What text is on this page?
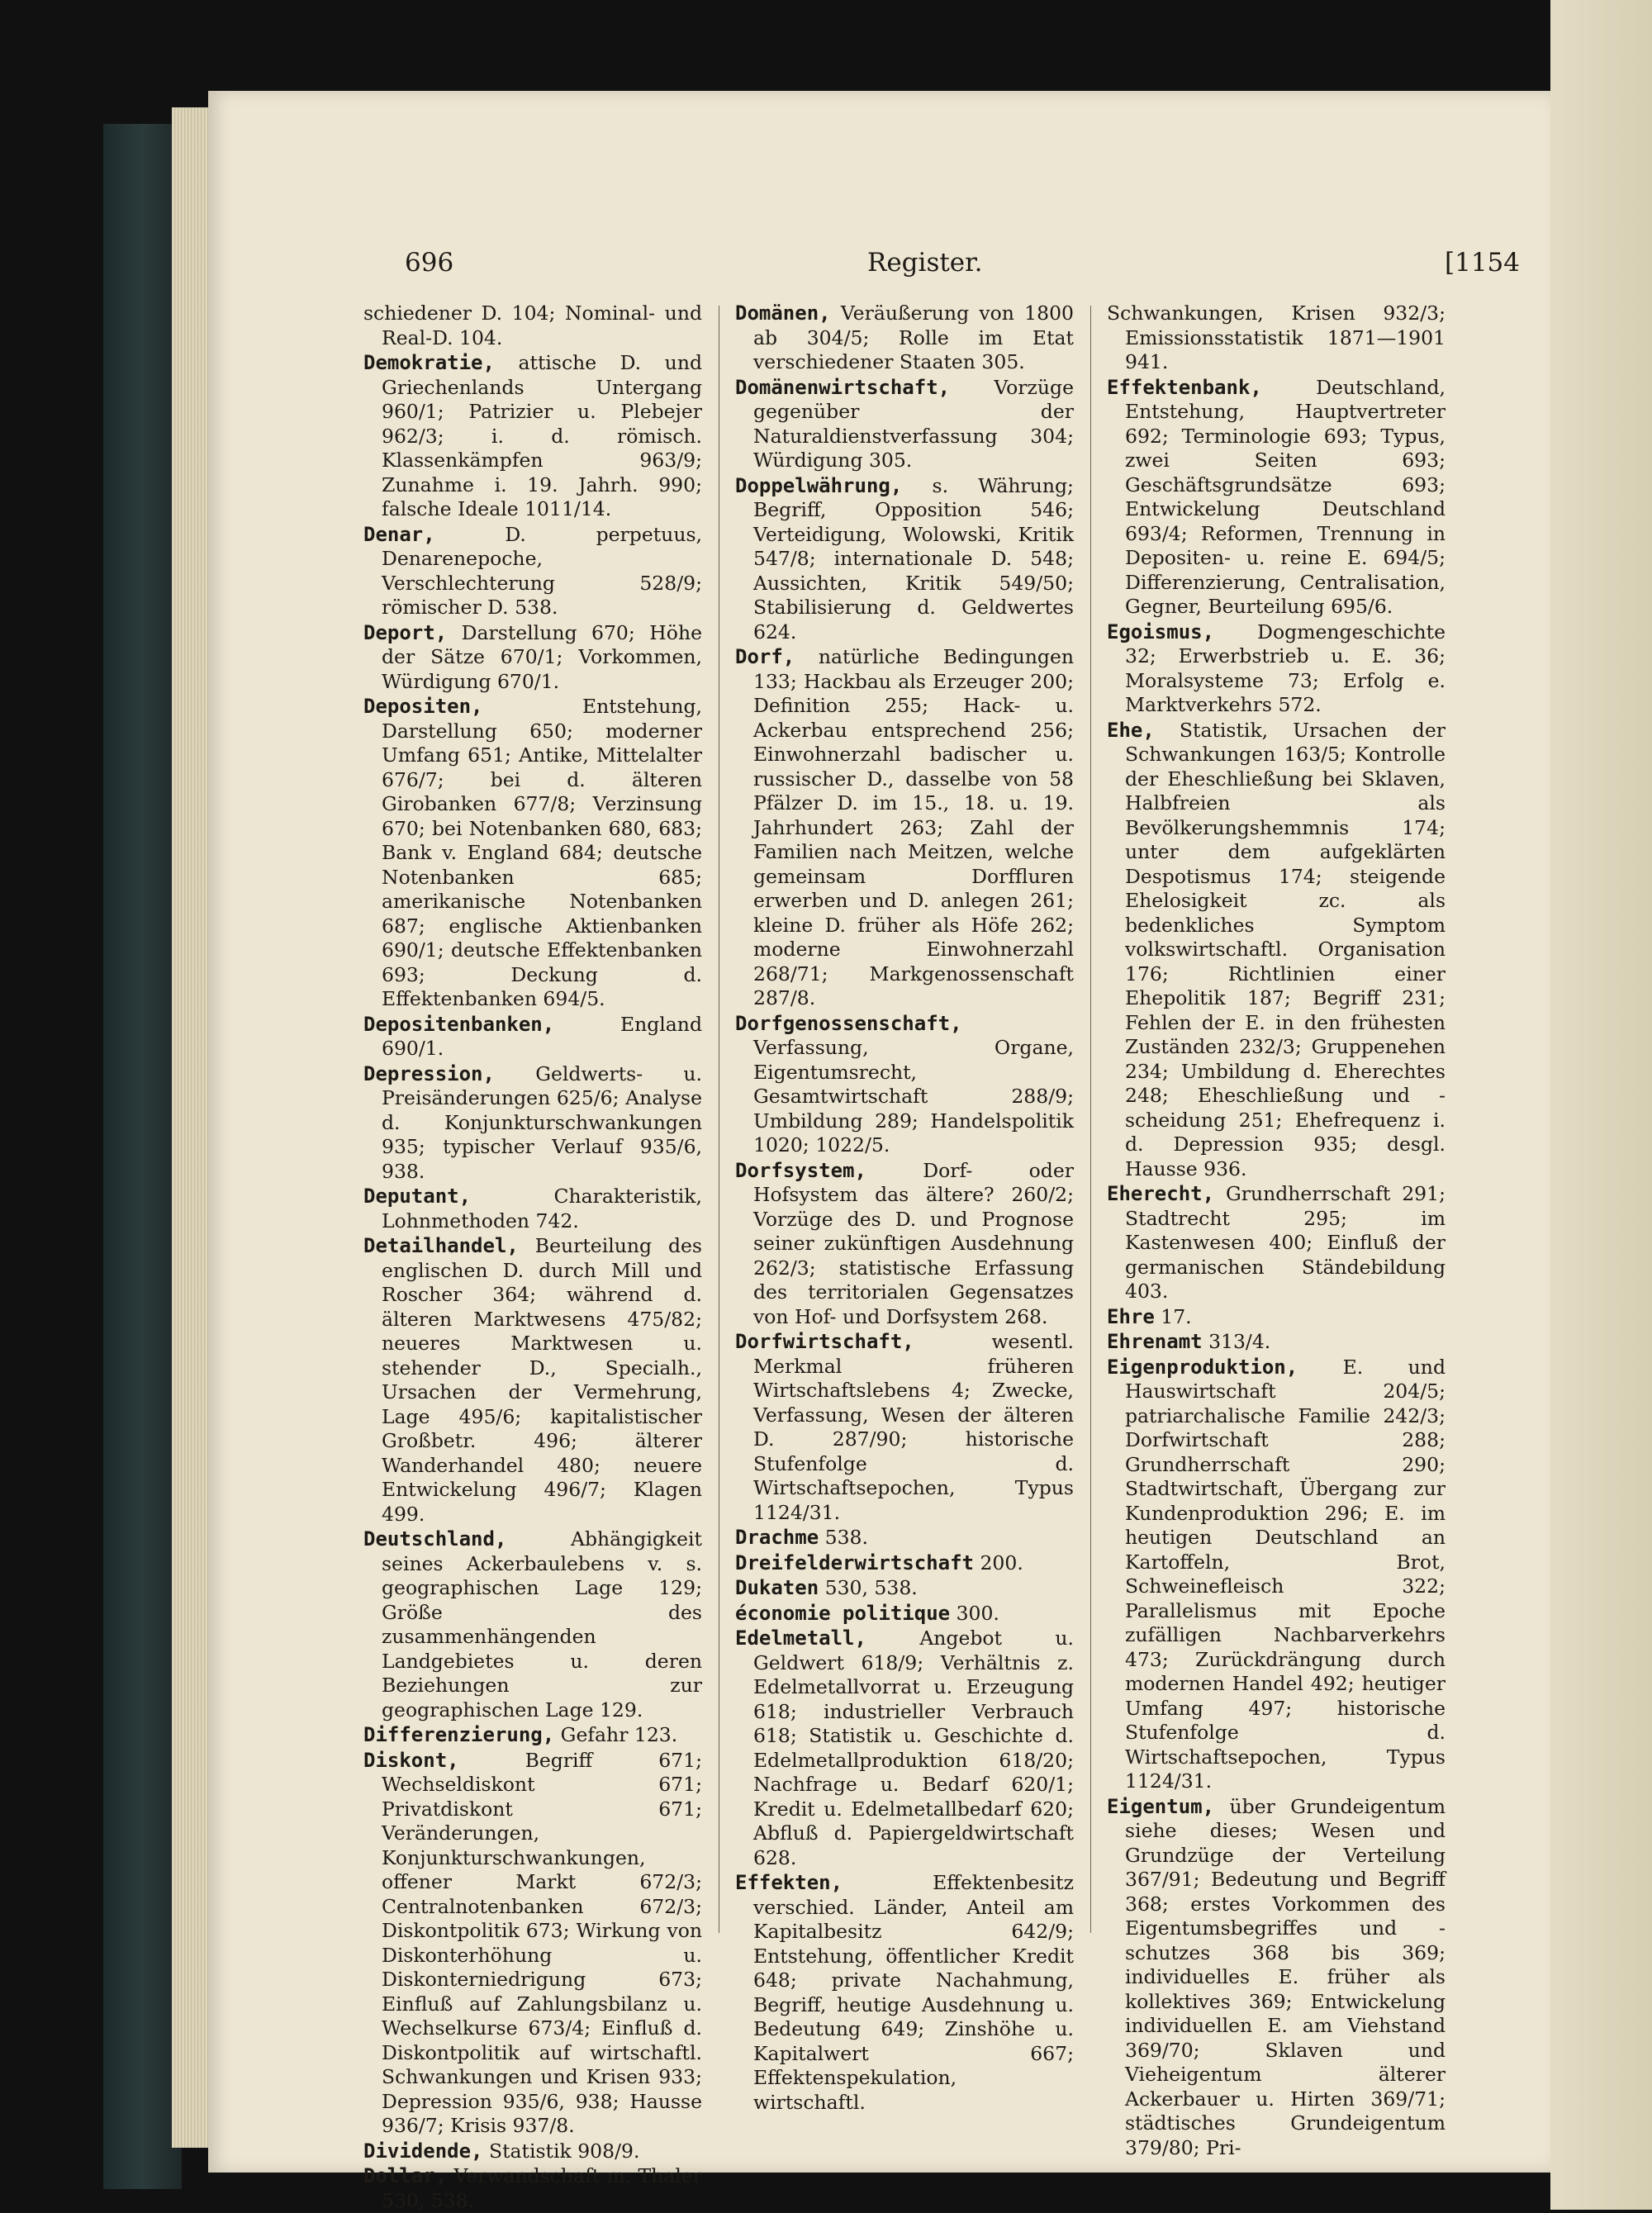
696	Register.	[1154

schiedener D. 104; Nominal- und Real-D. 104.

Demokratie, attische D. und Griechenlands Untergang 960/1; Patrizier u. Plebejer 962/3; i. d. römisch. Klassenkämpfen 963/9; Zunahme i. 19. Jahrh. 990; falsche Ideale 1011/14.

Denar,	D. perpetuus, Denarenepoche, Verschlechterung 528/9; römischer D. 538.

Deport, Darstellung 670; Höhe der Sätze 670/1; Vorkommen, Würdigung 670/1.

Depositen,	Entstehung, Darstellung 650; moderner Umfang 651; Antike, Mittelalter 676/7; bei d. älteren Girobanken 677/8; Verzinsung 670; bei Notenbanken 680, 683; Bank v. England 684; deutsche Notenbanken 685; amerikanische Notenbanken 687; englische Aktienbanken 690/1; deutsche Effektenbanken 693; Deckung d. Effektenbanken 694/5.

Depositenbanken,	England 690/1.

Depression, Geldwerts- u. Preisänderungen 625/6; Analyse d. Konjunkturschwankungen 935; typischer Verlauf 935/6, 938.

Deputant,	Charakteristik, Lohnmethoden 742.

Detailhandel, Beurteilung des englischen D. durch Mill und Roscher 364; während d. älteren Marktwesens 475/82; neueres Marktwesen u. stehender D., Specialh., Ursachen der Vermehrung, Lage 495/6; kapitalistischer Großbetr. 496; älterer Wanderhandel 480; neuere Entwickelung 496/7; Klagen 499.

Deutschland,	Abhängigkeit seines Ackerbaulebens v. s. geographischen Lage 129; Größe des zusammenhängenden Landgebietes u. deren Beziehungen zur geographischen Lage 129.

Differenzierung, Gefahr 123.

Diskont,	Begriff 671; Wechseldiskont 671; Privatdiskont 671; Veränderungen, Konjunkturschwankungen, offener Markt 672/3; Centralnotenbanken 672/3; Diskontpolitik 673; Wirkung von Diskonterhöhung u. Diskonterniedrigung 673; Einfluß auf Zahlungsbilanz u. Wechselkurse 673/4; Einfluß d. Diskontpolitik auf wirtschaftl. Schwankungen und Krisen 933; Depression 935/6, 938; Hausse 936/7; Krisis 937/8.

Dividende, Statistik 908/9.

Dollar, Verwandschaft m. Thaler 530, 538.

Domänen, Veräußerung von 1800 ab 304/5; Rolle im Etat verschiedener Staaten 305.

Domänenwirtschaft, Vorzüge gegenüber der Naturaldienstverfassung 304; Würdigung 305.

Doppelwährung, s. Währung; Begriff, Opposition 546; Verteidigung, Wolowski, Kritik 547/8; internationale D. 548; Aussichten, Kritik 549/50; Stabilisierung d. Geldwertes 624.

Dorf, natürliche Bedingungen 133; Hackbau als Erzeuger 200; Definition 255; Hack- u. Ackerbau entsprechend 256; Einwohnerzahl badischer u. russischer D., dasselbe von 58 Pfälzer D. im 15., 18. u. 19. Jahrhundert 263; Zahl der Familien nach Meitzen, welche gemeinsam Dorffluren erwerben und D. anlegen 261; kleine D. früher als Höfe 262; moderne Einwohnerzahl 268/71; Markgenossenschaft 287/8.

Dorfgenossenschaft, Verfassung, Organe, Eigentumsrecht, Gesamtwirtschaft 288/9; Umbildung 289; Handelspolitik 1020; 1022/5.

Dorfsystem,	Dorf- oder Hofsystem das ältere? 260/2; Vorzüge des D. und Prognose seiner zukünftigen Ausdehnung 262/3; statistische Erfassung des territorialen Gegensatzes von Hof- und Dorfsystem 268.

Dorfwirtschaft,	wesentl. Merkmal früheren Wirtschaftslebens 4; Zwecke, Verfassung, Wesen der älteren D. 287/90; historische Stufenfolge d. Wirtschaftsepochen, Typus 1124/31.

Drachme 538.

Dreifelderwirtschaft 200.

Dukaten 530, 538.

économie politique 300.

Edelmetall,	Angebot u. Geldwert 618/9; Verhältnis z. Edelmetallvorrat u. Erzeugung 618; industrieller Verbrauch 618; Statistik u. Geschichte d. Edelmetallproduktion 618/20; Nachfrage u. Bedarf 620/1; Kredit u. Edelmetallbedarf 620; Abfluß d. Papiergeldwirtschaft 628.

Effekten,	Effektenbesitz verschied. Länder, Anteil am Kapitalbesitz 642/9; Entstehung, öffentlicher Kredit 648; private Nachahmung, Begriff, heutige Ausdehnung u. Bedeutung 649; Zinshöhe u. Kapitalwert 667; Effektenspekulation, wirtschaftl.

Schwankungen, Krisen 932/3; Emissionsstatistik 1871—1901 941.

Effektenbank,	Deutschland, Entstehung, Hauptvertreter 692; Terminologie 693; Typus, zwei Seiten 693; Geschäftsgrundsätze 693; Entwickelung Deutschland 693/4; Reformen, Trennung in Depositen- u. reine E. 694/5; Differenzierung, Centralisation, Gegner, Beurteilung 695/6.

Egoismus, Dogmengeschichte 32; Erwerbstrieb u. E. 36; Moralsysteme 73; Erfolg e. Marktverkehrs 572.

Ehe, Statistik, Ursachen der Schwankungen 163/5; Kontrolle der Eheschließung bei Sklaven, Halbfreien als Bevölkerungshemmnis 174; unter dem aufgeklärten Despotismus 174; steigende Ehelosigkeit zc. als bedenkliches Symptom volkswirtschaftl. Organisation 176; Richtlinien einer Ehepolitik 187; Begriff 231; Fehlen der E. in den frühesten Zuständen 232/3; Gruppenehen 234; Umbildung d. Eherechtes 248; Eheschließung und -scheidung 251; Ehefrequenz i. d. Depression 935; desgl. Hausse 936.

Eherecht, Grundherrschaft 291; Stadtrecht 295; im Kastenwesen 400; Einfluß der germanischen Ständebildung 403.

Ehre 17.

Ehrenamt 313/4.

Eigenproduktion, E. und Hauswirtschaft 204/5; patriarchalische Familie 242/3; Dorfwirtschaft 288; Grundherrschaft 290; Stadtwirtschaft, Übergang zur Kundenproduktion 296; E. im heutigen Deutschland an Kartoffeln, Brot, Schweinefleisch 322; Parallelismus mit Epoche zufälligen Nachbarverkehrs 473; Zurückdrängung durch modernen Handel 492; heutiger Umfang 497; historische Stufenfolge d. Wirtschaftsepochen, Typus 1124/31.

Eigentum, über Grundeigentum siehe dieses; Wesen und Grundzüge der Verteilung 367/91; Bedeutung und Begriff 368; erstes Vorkommen des Eigentumsbegriffes und -schutzes 368 bis 369; individuelles E. früher als kollektives 369; Entwickelung individuellen E. am Viehstand 369/70; Sklaven und Vieheigentum älterer Ackerbauer u. Hirten 369/71; städtisches Grundeigentum 379/80; Pri-
